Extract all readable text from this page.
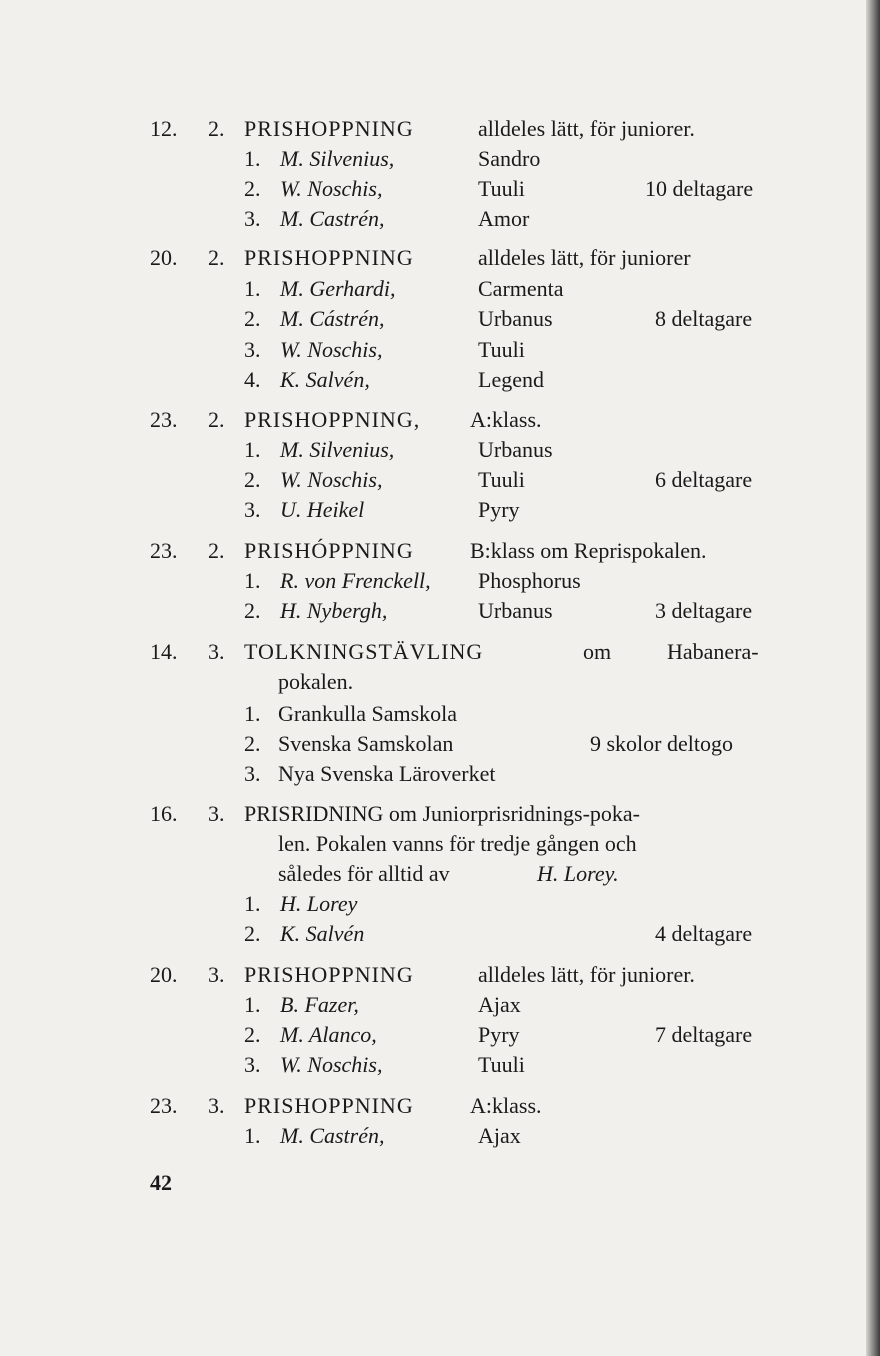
12. 2. PRISHOPPNING	alldeles lätt, för juniorer.
1. M. Silvenius,	Sandro
2. W. Noschis,	Tuuli	10 deltagare
3. M. Castrén,	Amor
20. 2. PRISHOPPNING	alldeles lätt, för juniorer
1. M. Gerhardi,	Carmenta
2. M. Cástrén,	Urbanus	8 deltagare
3. W. Noschis,	Tuuli
4. K. Salvén,	Legend
23. 2. PRISHOPPNING, A:klass.
1. M. Silvenius,	Urbanus
2. W. Noschis,	Tuuli	6 deltagare
3. U. Heikel	Pyry
23. 2. PRISHÓPPNING	B:klass om Reprispokalen.
1. R. von Frenckell, Phosphorus
2. H. Nybergh,	Urbanus	3 deltagare
14. 3. TOLKNINGSTÄVLING	om	Habanera-
pokalen.
1. Grankulla Samskola
2. Svenska Samskolan	9 skolor deltogo
3. Nya Svenska Läroverket
16. 3. PRISRIDNING om Juniorprisridnings-poka-
len. Pokalen vanns för tredje gången och
således för alltid av	H. Lorey.
1. H. Lorey
2. K. Salvén	4 deltagare
20. 3. PRISHOPPNING	alldeles lätt, för juniorer.
1. B. Fazer,	Ajax
2. M. Alanco,	Pyry	7 deltagare
3. W. Noschis,	Tuuli
23. 3. PRISHOPPNING	A:klass.
1. M. Castrén,	Ajax
42
